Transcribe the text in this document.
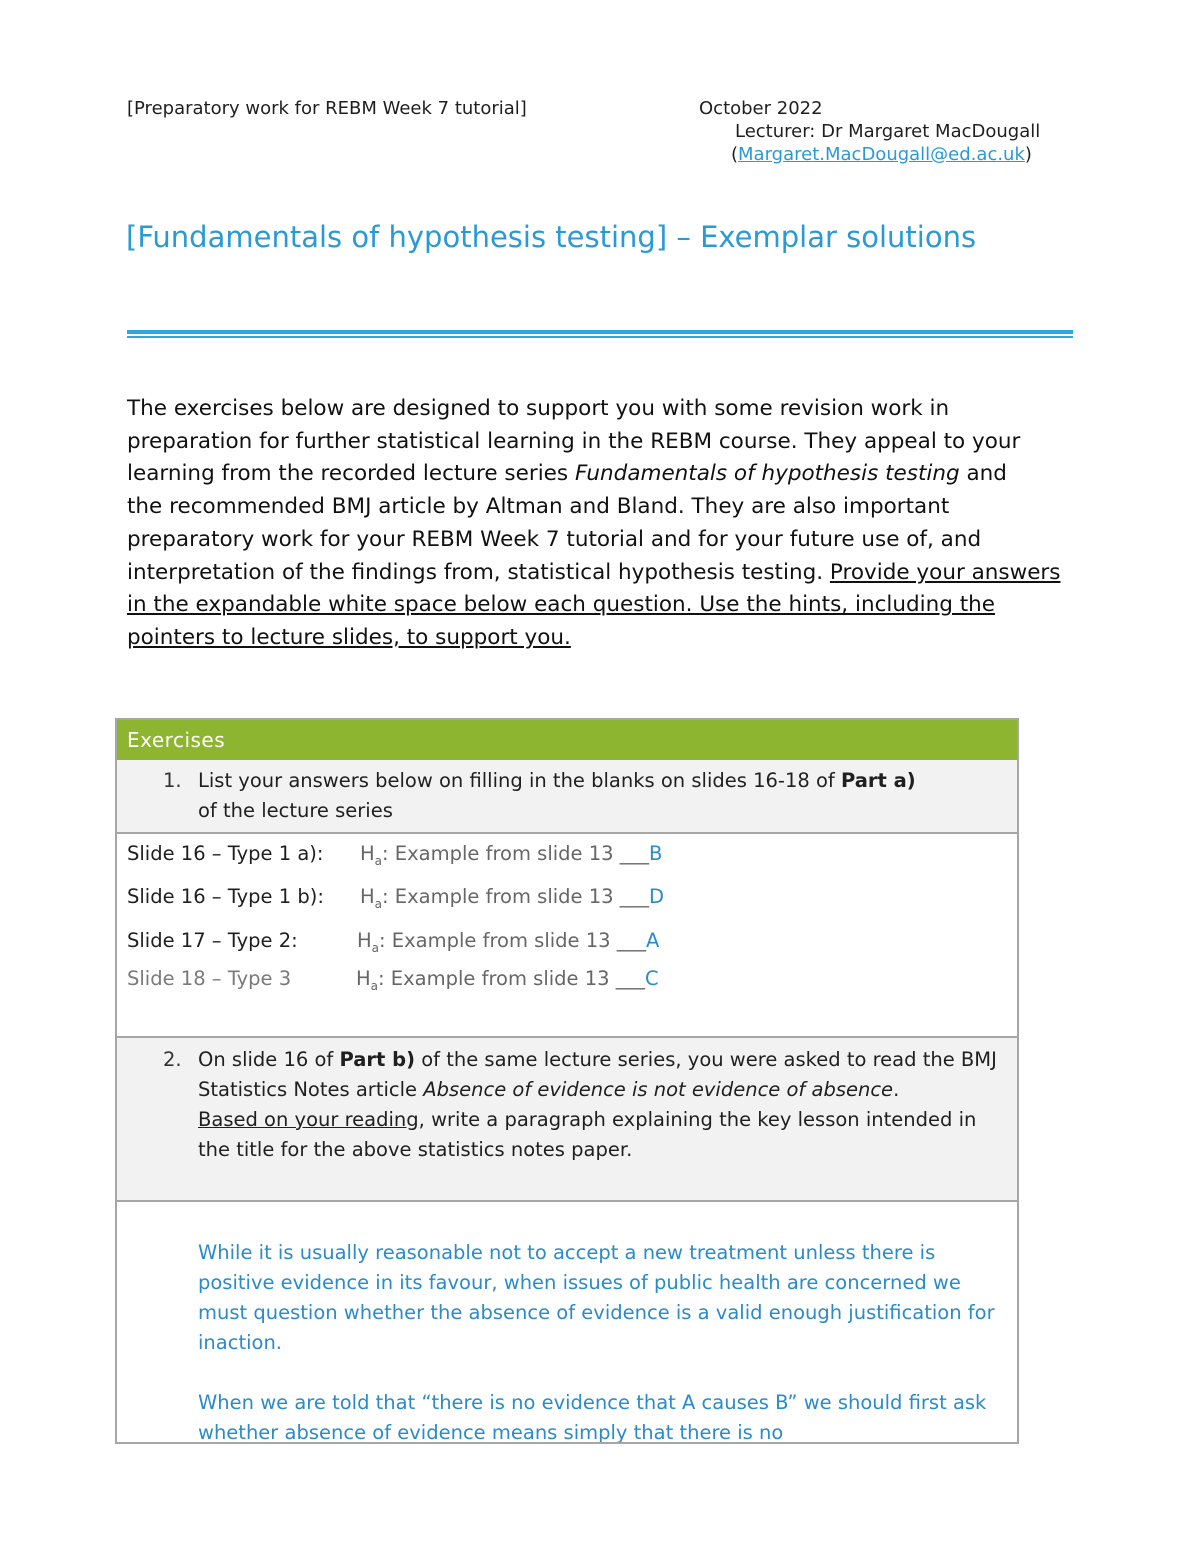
[Preparatory work for REBM Week 7 tutorial]	October 2022
Lecturer: Dr Margaret MacDougall
(Margaret.MacDougall@ed.ac.uk)
[Fundamentals of hypothesis testing] – Exemplar solutions

The exercises below are designed to support you with some revision work in preparation for further statistical learning in the REBM course. They appeal to your learning from the recorded lecture series Fundamentals of hypothesis testing and

the recommended BMJ article by Altman and Bland. They are also important preparatory work for your REBM Week 7 tutorial and for your future use of, and interpretation of the findings from, statistical hypothesis testing. Provide your answers in the expandable white space below each question. Use the hints, including the pointers to lecture slides, to support you.

Exercises
1. List your answers below on filling in the blanks on slides 16-18 of Part a)

of the lecture series

Slide 16 – Type 1 a): $H_a$: Example from slide 13 ___B
Slide 16 – Type 1 b): $H_a$: Example from slide 13 ___D
Slide 17 – Type 2:	$H_a$: Example from slide 13 ___A
Slide 18 – Type 3	$H_a$: Example from slide 13 ___C
2. On slide 16 of Part b) of the same lecture series, you were asked to read the BMJ Statistics Notes article Absence of evidence is not evidence of absence.

Based on your reading, write a paragraph explaining the key lesson intended in the title for the above statistics notes paper.

While it is usually reasonable not to accept a new treatment unless there is positive evidence in its favour, when issues of public health are concerned we must question whether the absence of evidence is a valid enough justification for inaction.
When we are told that “there is no evidence that A causes B” we should first ask whether absence of evidence means simply that there is no
